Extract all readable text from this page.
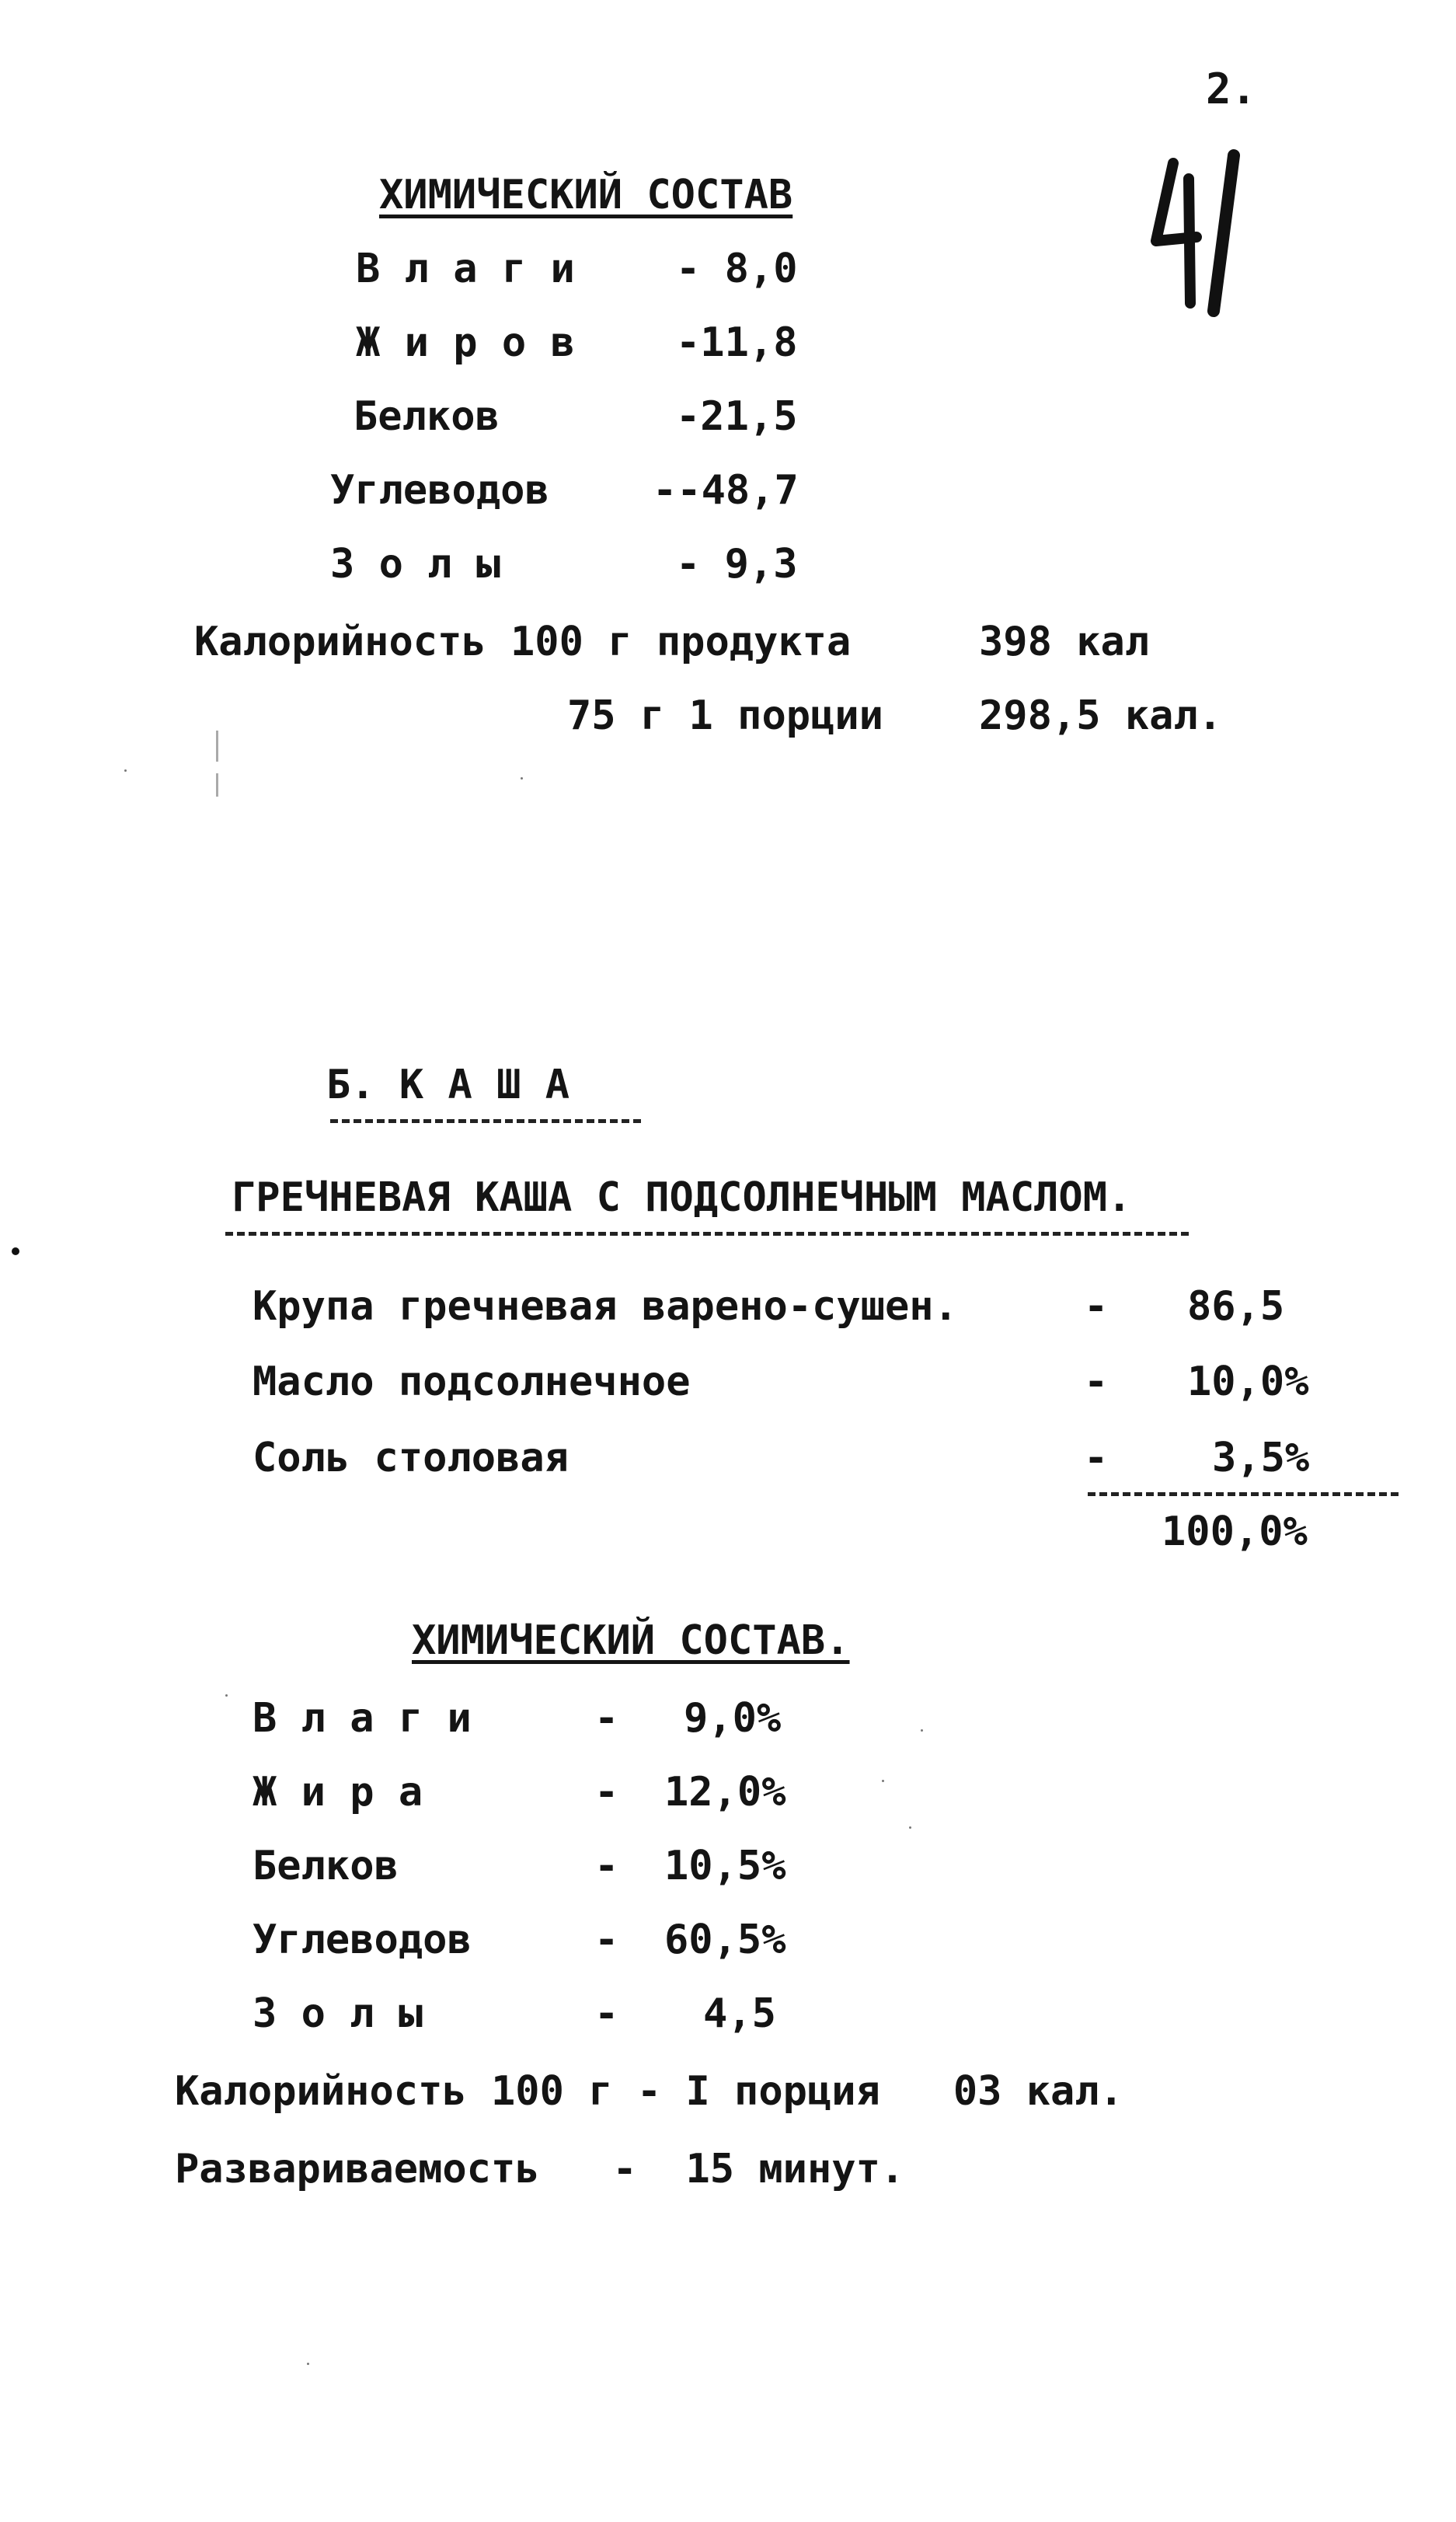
2.
ХИМИЧЕСКИЙ СОСТАВ
В л а г и	- 8,0
Ж и р о в	-11,8
Белков	-21,5
Углеводов	--48,7
З о л ы	- 9,3
Калорийность 100 г продукта	398 кал
75 г 1 порции 298,5 кал.
Б. К А Ш А
ГРЕЧНЕВАЯ КАША С ПОДСОЛНЕЧНЫМ МАСЛОМ.
Крупа гречневая варено-сушен.	- 86,5
Масло подсолнечное	- 10,0%
Соль столовая	-	3,5%
100,0%
ХИМИЧЕСКИЙ СОСТАВ.
В л а г и	- 9,0%
Ж и р а	- 12,0%
Белков	- 10,5%
Углеводов	- 60,5%
З о л ы	- 4,5
Калорийность 100 г - I порция   03 кал.
Развариваемость   -  15 минут.
